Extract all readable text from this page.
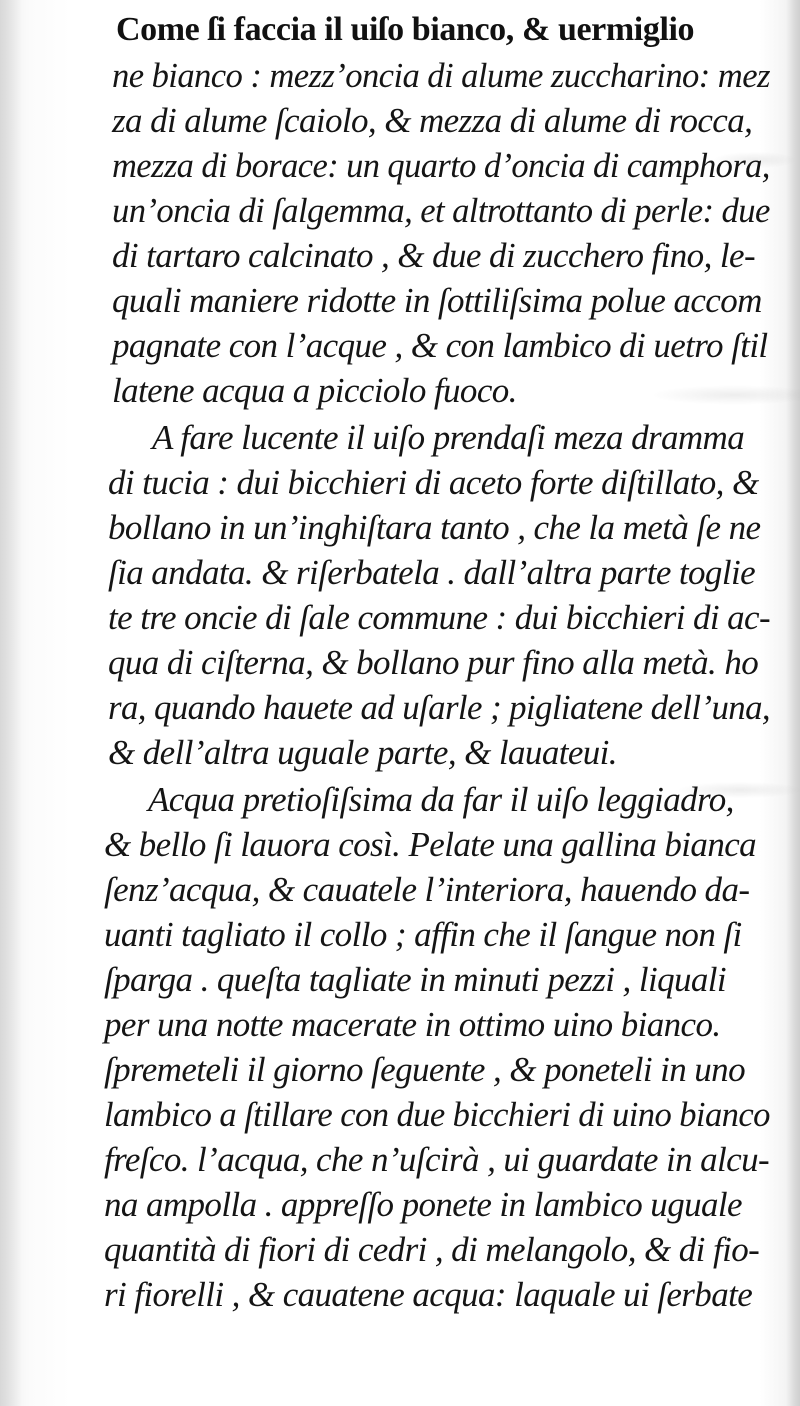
Come ſi faccia il uiſo bianco, & uermiglio
ne bianco : mezz’oncia di alume zuccharino: mez
za di alume ſcaiolo, & mezza di alume di rocca,
mezza di borace: un quarto d’oncia di camphora,
un’oncia di ſalgemma, et altrottanto di perle: due
di tartaro calcinato , & due di zucchero fino, le-
quali maniere ridotte in ſottiliſsima polue accom
pagnate con l’acque , & con lambico di uetro ſtil
latene acqua a picciolo fuoco.
A fare lucente il uiſo prendaſi meza dramma
di tucia : dui bicchieri di aceto forte diſtillato, &
bollano in un’inghiſtara tanto , che la metà ſe ne
ſia andata. & riſerbatela . dall’altra parte toglie
te tre oncie di ſale commune : dui bicchieri di ac-
qua di ciſterna, & bollano pur fino alla metà. ho
ra, quando hauete ad uſarle ; pigliatene dell’una,
& dell’altra uguale parte, & lauateui.
Acqua pretioſiſsima da far il uiſo leggiadro,
& bello ſi lauora così. Pelate una gallina bianca
ſenz’acqua, & cauatele l’interiora, hauendo da-
uanti tagliato il collo ; affin che il ſangue non ſi
ſparga . queſta tagliate in minuti pezzi , liquali
per una notte macerate in ottimo uino bianco.
ſpremeteli il giorno ſeguente , & poneteli in uno
lambico a ſtillare con due bicchieri di uino bianco
freſco. l’acqua, che n’uſcirà , ui guardate in alcu-
na ampolla . appreſſo ponete in lambico uguale
quantità di fiori di cedri , di melangolo, & di fio-
ri fiorelli , & cauatene acqua: laquale ui ſerbate
